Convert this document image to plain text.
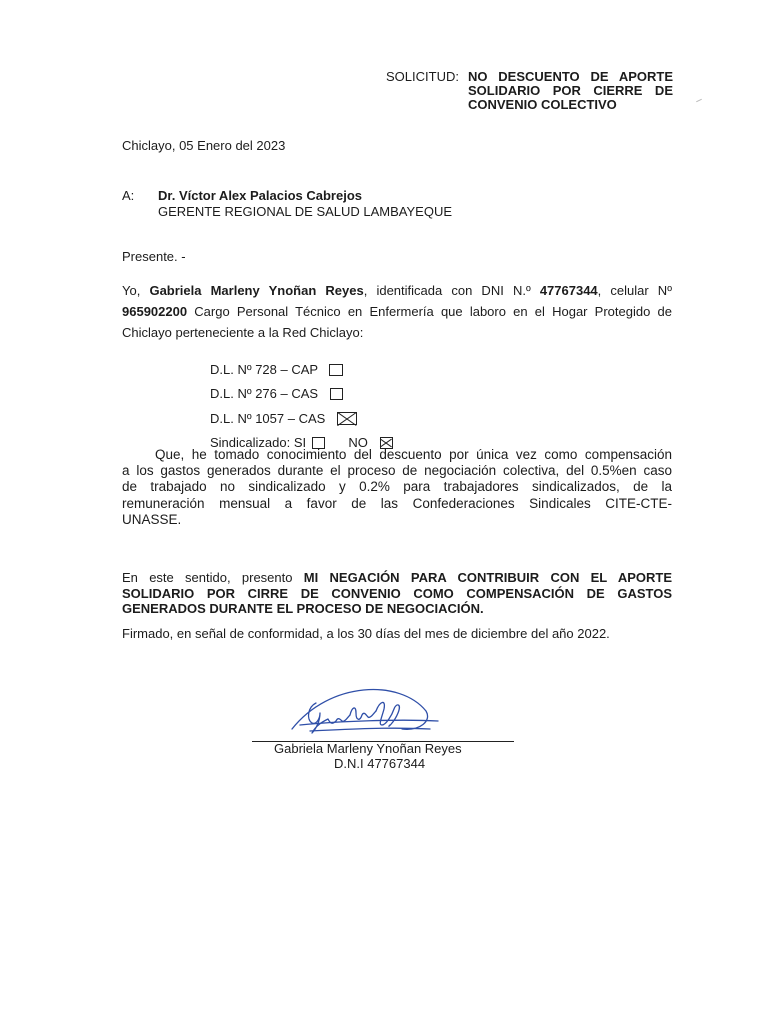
SOLICITUD: NO DESCUENTO DE APORTE
SOLIDARIO POR CIERRE DE
CONVENIO COLECTIVO
Chiclayo, 05 Enero del 2023
A: Dr. Víctor Alex Palacios Cabrejos
GERENTE REGIONAL DE SALUD LAMBAYEQUE
Presente. -
Yo, Gabriela Marleny Ynoñan Reyes, identificada con DNI N.º 47767344, celular Nº
965902200 Cargo Personal Técnico en Enfermería que laboro en el Hogar Protegido de
Chiclayo perteneciente a la Red Chiclayo:
D.L. Nº 728 – CAP
D.L. Nº 276 – CAS
D.L. Nº 1057 – CAS
Sindicalizado: SI	NO
Que, he tomado conocimiento del descuento por única vez como compensación
a los gastos generados durante el proceso de negociación colectiva, del 0.5%en caso
de trabajado no sindicalizado y 0.2% para trabajadores sindicalizados, de la
remuneración mensual a favor de las Confederaciones Sindicales CITE-CTE-
UNASSE.
En este sentido, presento MI NEGACIÓN PARA CONTRIBUIR CON EL APORTE
SOLIDARIO POR CIRRE DE CONVENIO COMO COMPENSACIÓN DE GASTOS
GENERADOS DURANTE EL PROCESO DE NEGOCIACIÓN.
Firmado, en señal de conformidad, a los 30 días del mes de diciembre del año 2022.
Gabriela Marleny Ynoñan Reyes
D.N.I 47767344
